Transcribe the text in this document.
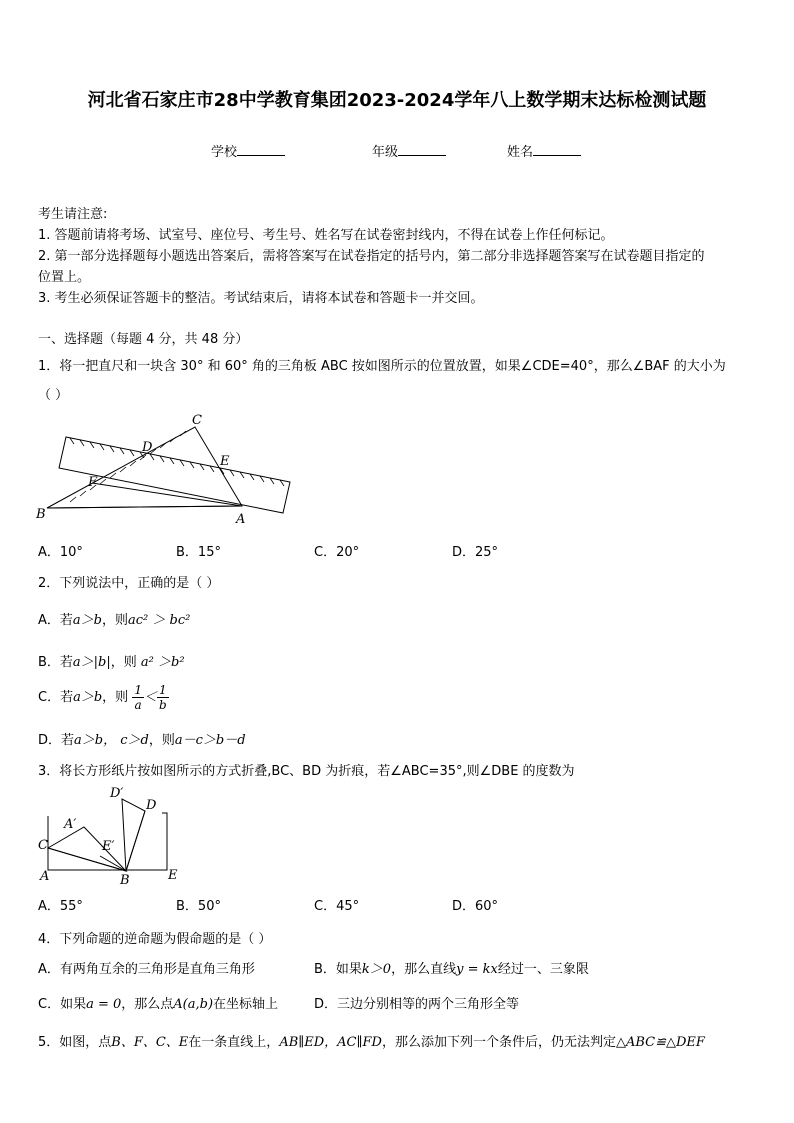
河北省石家庄市28中学教育集团2023-2024学年八上数学期末达标检测试题
学校	年级	姓名
考生请注意:
1. 答题前请将考场、试室号、座位号、考生号、姓名写在试卷密封线内，不得在试卷上作任何标记。
2. 第一部分选择题每小题选出答案后，需将答案写在试卷指定的括号内，第二部分非选择题答案写在试卷题目指定的
位置上。
3. 考生必须保证答题卡的整洁。考试结束后，请将本试卷和答题卡一并交回。
一、选择题（每题 4 分，共 48 分）
1．将一把直尺和一块含 30° 和 60° 角的三角板 ABC 按如图所示的位置放置，如果∠CDE=40°，那么∠BAF 的大小为
（ ）
B	A
C
D
E
F
A．10°	B．15°	C．20°	D．25°
2．下列说法中，正确的是（ ）
A．若a＞b，则ac² ＞ bc²
B．若a＞|b|，则 a² ＞b²
C．若a＞b，则 $\frac{1}{a} < \frac{1}{b}$
D．若a＞b， c＞d，则a－c＞b－d
3．将长方形纸片按如图所示的方式折叠,BC、BD 为折痕，若∠ABC=35°,则∠DBE 的度数为
D′
D
A′
C	E′
A	B	E
A．55°	B．50°	C．45°	D．60°
4．下列命题的逆命题为假命题的是（ ）
A．有两角互余的三角形是直角三角形	B．如果k＞0，那么直线y = kx经过一、三象限
C．如果a = 0，那么点A(a,b)在坐标轴上	D．三边分别相等的两个三角形全等
5．如图，点B、F、C、E在一条直线上，AB∥ED，AC∥FD，那么添加下列一个条件后，仍无法判定△ABC≌△DEF
